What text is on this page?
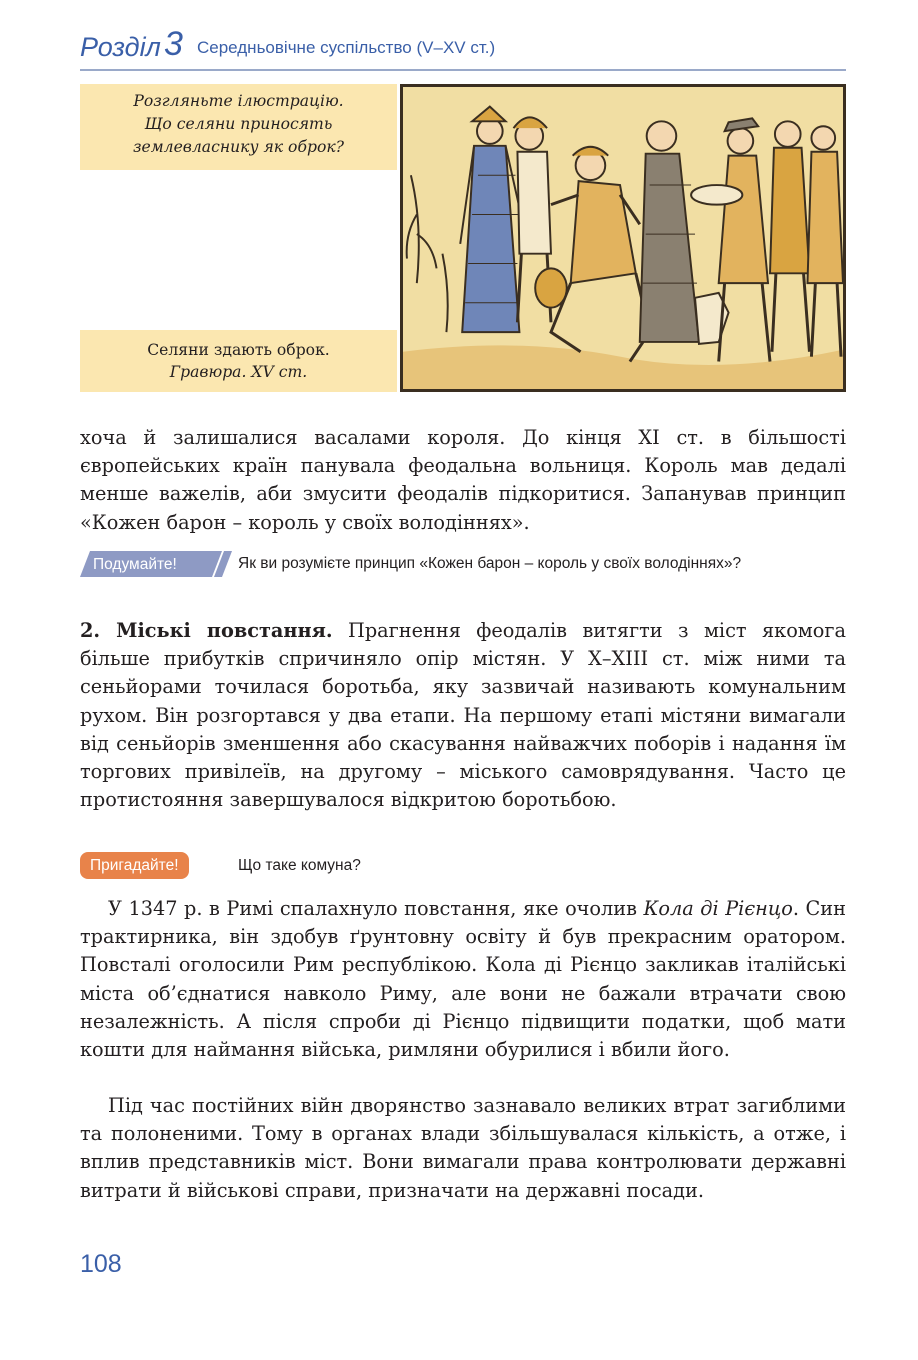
Розділ 3 Середньовічне суспільство (V–XV ст.)
Розгляньте ілюстрацію.
Що селяни приносять
землевласнику як оброк?
Селяни здають оброк.
Гравюра. XV ст.
хоча й залишалися васалами короля. До кінця XI ст. в більшості європейських країн панувала феодальна вольниця. Король мав дедалі менше важелів, аби змусити феодалів підкоритися. Запанував принцип «Кожен барон – король у своїх володіннях».
Подумайте!	Як ви розумієте принцип «Кожен барон – король у своїх володіннях»?
2. Міські повстання. Прагнення феодалів витягти з міст якомога більше прибутків спричиняло опір містян. У X–XIII ст. між ними та сеньйорами точилася боротьба, яку зазвичай називають комунальним рухом. Він розгортався у два етапи. На першому етапі містяни вимагали від сеньйорів зменшення або скасування найважчих поборів і надання їм торгових привілеїв, на другому – міського самоврядування. Часто це протистояння завершувалося відкритою боротьбою.
Пригадайте!	Що таке комуна?
У 1347 р. в Римі спалахнуло повстання, яке очолив Кола ді Рієнцо. Син трактирника, він здобув ґрунтовну освіту й був прекрасним оратором. Повсталі оголосили Рим республікою. Кола ді Рієнцо закликав італійські міста об’єднатися навколо Риму, але вони не бажали втрачати свою незалежність. А після спроби ді Рієнцо підвищити податки, щоб мати кошти для наймання війська, римляни обурилися і вбили його.
Під час постійних війн дворянство зазнавало великих втрат загиблими та полоненими. Тому в органах влади збільшувалася кількість, а отже, і вплив представників міст. Вони вимагали права контролювати державні витрати й військові справи, призначати на державні посади.
108
